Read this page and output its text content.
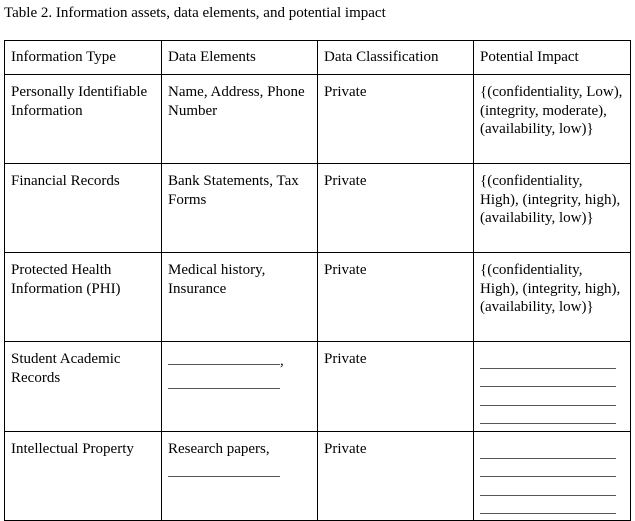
Table 2. Information assets, data elements, and potential impact
Information Type	Data Elements	Data Classification	Potential Impact
Personally Identifiable Information	Name, Address, Phone Number	Private	{(confidentiality, Low), (integrity, moderate), (availability, low)}
Financial Records	Bank Statements, Tax Forms	Private	{(confidentiality, High), (integrity, high), (availability, low)}
Protected Health Information (PHI)	Medical history, Insurance	Private	{(confidentiality, High), (integrity, high), (availability, low)}
Student Academic Records	,	Private	

Intellectual Property	Research papers,	Private	
